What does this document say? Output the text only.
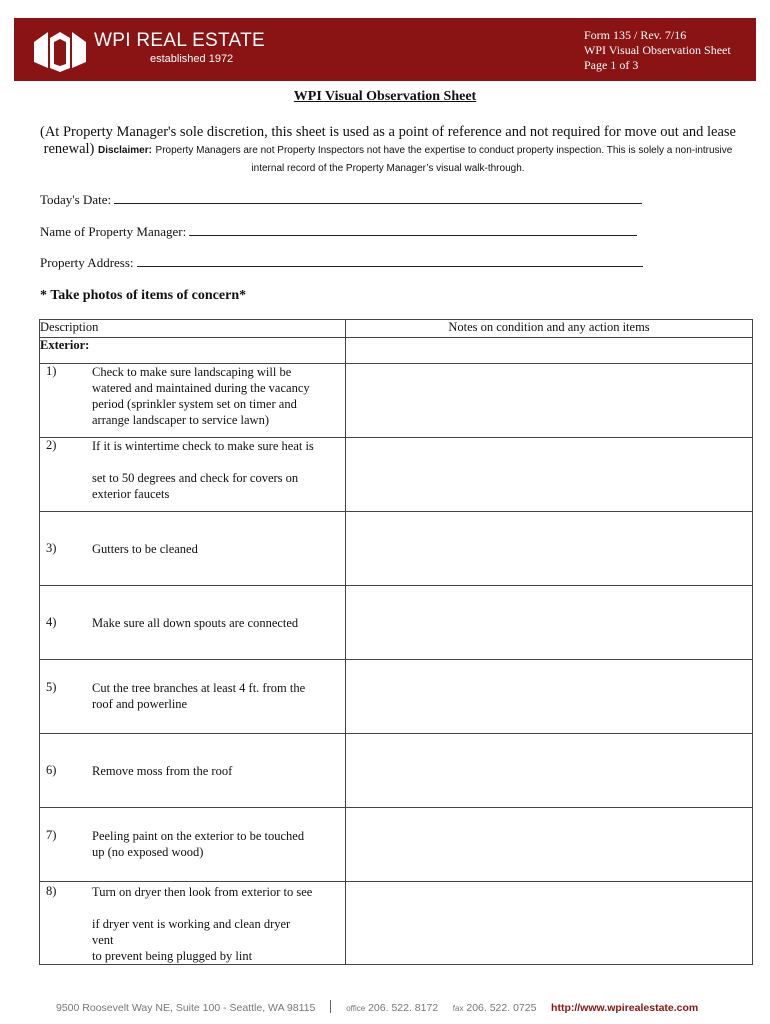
WPI REAL ESTATE
established 1972
Form 135 / Rev. 7/16
WPI Visual Observation Sheet
Page 1 of 3
WPI Visual Observation Sheet
(At Property Manager's sole discretion, this sheet is used as a point of reference and not required for move out and lease renewal) Disclaimer: Property Managers are not Property Inspectors not have the expertise to conduct property inspection. This is solely a non-intrusive internal record of the Property Manager’s visual walk-through.
Today's Date:
Name of Property Manager:
Property Address:
* Take photos of items of concern*
Description	Notes on condition and any action items
Exterior:	
1) Check to make sure landscaping will be
watered and maintained during the vacancy
period (sprinkler system set on timer and
arrange landscaper to service lawn)	
2) If it is wintertime check to make sure heat is

set to 50 degrees and check for covers on
exterior faucets	
3) Gutters to be cleaned	
4) Make sure all down spouts are connected	
5) Cut the tree branches at least 4 ft. from the
roof and powerline	
6) Remove moss from the roof	
7) Peeling paint on the exterior to be touched
up (no exposed wood)	
8) Turn on dryer then look from exterior to see

if dryer vent is working and clean dryer
vent
to prevent being plugged by lint	
9500 Roosevelt Way NE, Suite 100 - Seattle, WA 98115	office 206. 522. 8172 fax 206. 522. 0725 http://www.wpirealestate.com
